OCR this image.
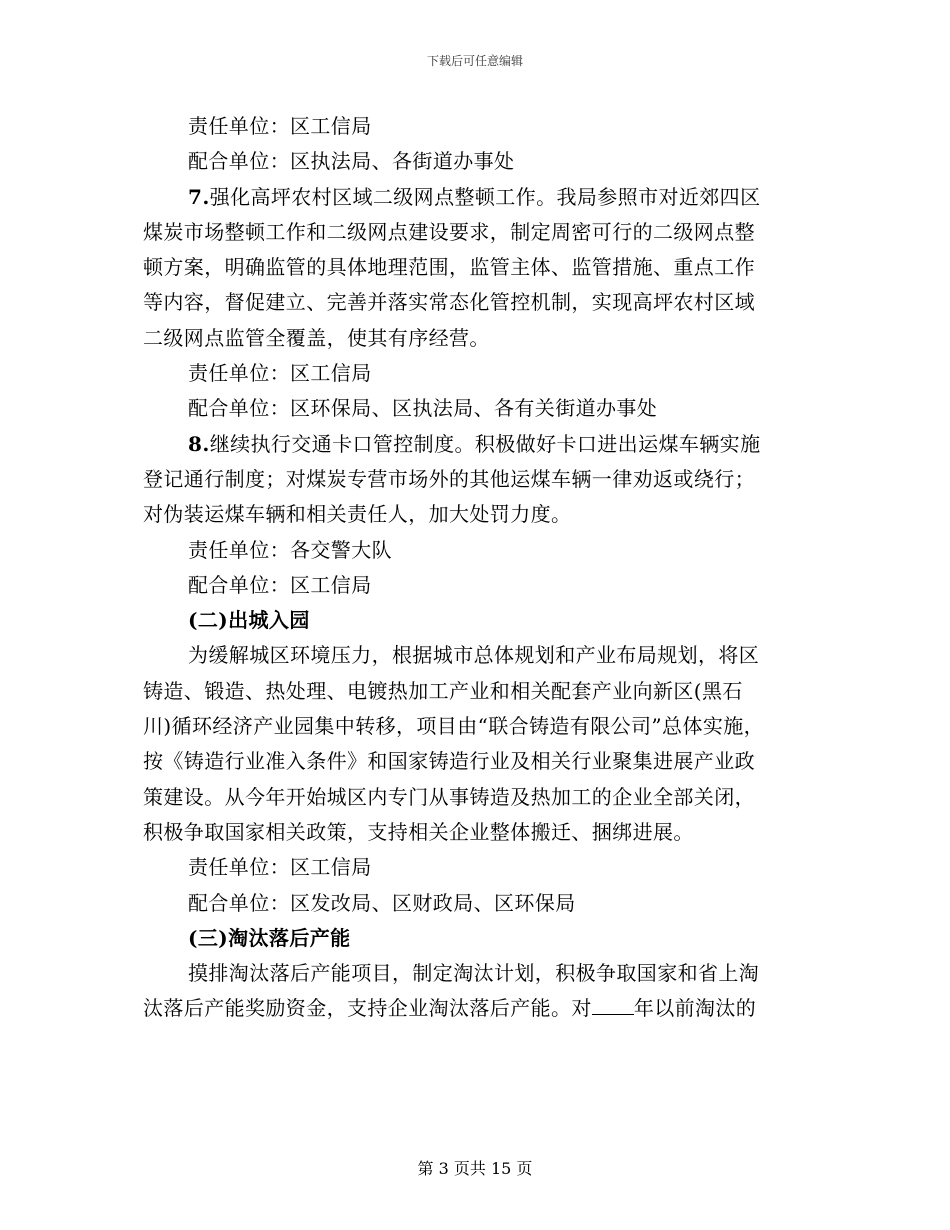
下载后可任意编辑
责任单位：区工信局
配合单位：区执法局、各街道办事处
7.强化高坪农村区域二级网点整顿工作。我局参照市对近郊四区
煤炭市场整顿工作和二级网点建设要求，制定周密可行的二级网点整
顿方案，明确监管的具体地理范围，监管主体、监管措施、重点工作
等内容，督促建立、完善并落实常态化管控机制，实现高坪农村区域
二级网点监管全覆盖，使其有序经营。
责任单位：区工信局
配合单位：区环保局、区执法局、各有关街道办事处
8.继续执行交通卡口管控制度。积极做好卡口进出运煤车辆实施
登记通行制度；对煤炭专营市场外的其他运煤车辆一律劝返或绕行；
对伪装运煤车辆和相关责任人，加大处罚力度。
责任单位：各交警大队
配合单位：区工信局
(二)出城入园
为缓解城区环境压力，根据城市总体规划和产业布局规划，将区
铸造、锻造、热处理、电镀热加工产业和相关配套产业向新区(黑石
川)循环经济产业园集中转移，项目由“联合铸造有限公司”总体实施，
按《铸造行业准入条件》和国家铸造行业及相关行业聚集进展产业政
策建设。从今年开始城区内专门从事铸造及热加工的企业全部关闭，
积极争取国家相关政策，支持相关企业整体搬迁、捆绑进展。
责任单位：区工信局
配合单位：区发改局、区财政局、区环保局
(三)淘汰落后产能
摸排淘汰落后产能项目，制定淘汰计划，积极争取国家和省上淘
汰落后产能奖励资金，支持企业淘汰落后产能。对 年以前淘汰的
第 3 页共 15 页
